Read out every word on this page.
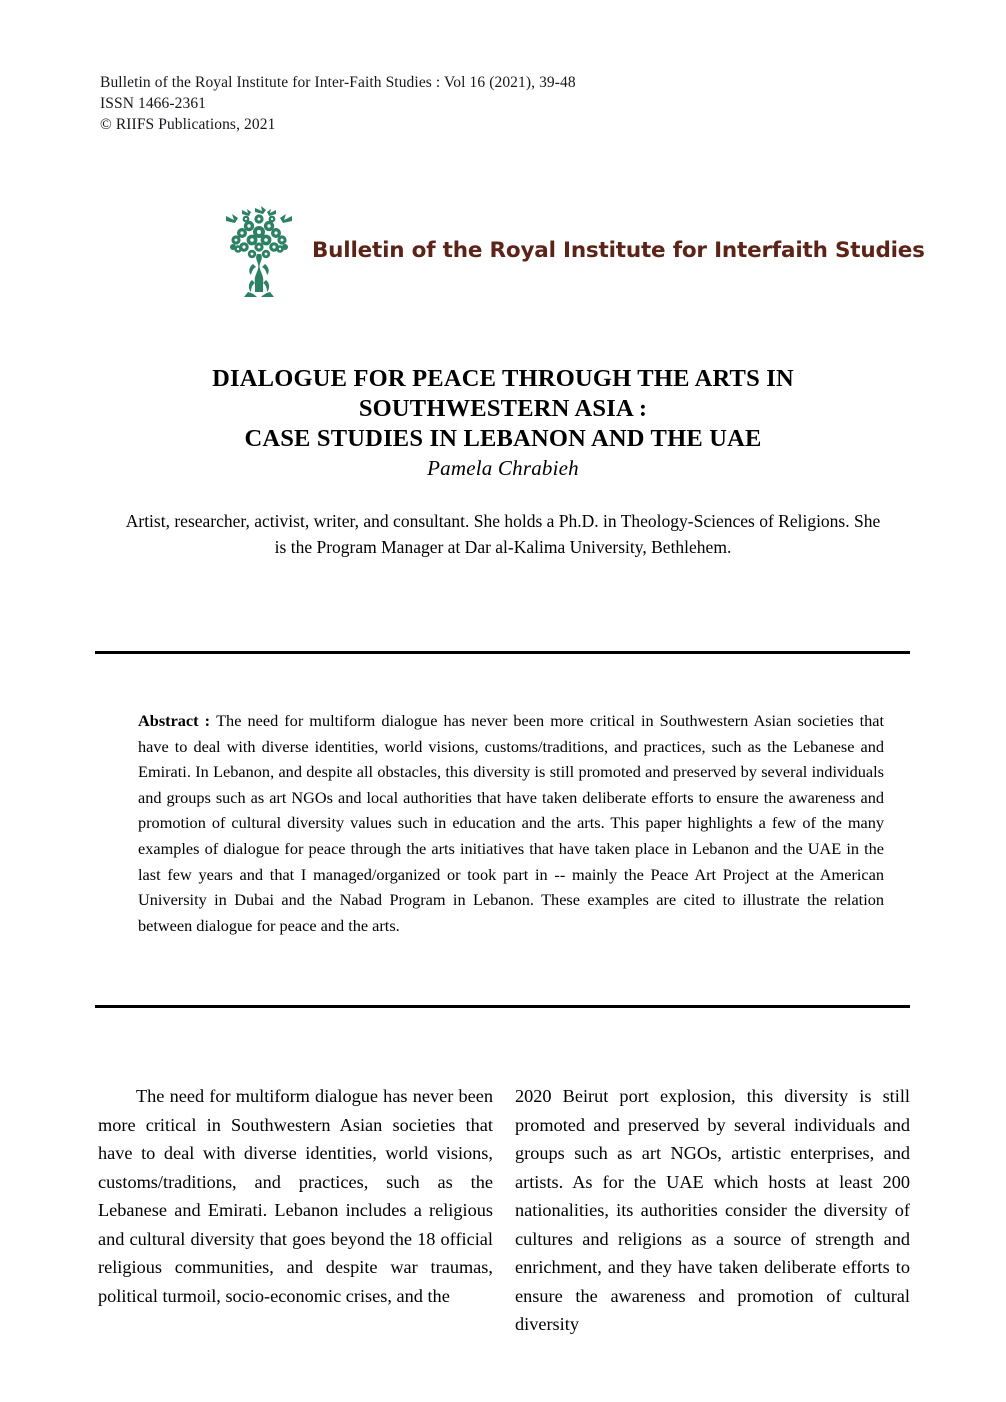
Bulletin of the Royal Institute for Inter-Faith Studies : Vol 16 (2021), 39-48
ISSN 1466-2361
© RIIFS Publications, 2021
Bulletin of the Royal Institute for Interfaith Studies
DIALOGUE FOR PEACE THROUGH THE ARTS IN
SOUTHWESTERN ASIA :
CASE STUDIES IN LEBANON AND THE UAE
Pamela Chrabieh
Artist, researcher, activist, writer, and consultant. She holds a Ph.D. in Theology-Sciences of Religions. She is the Program Manager at Dar al-Kalima University, Bethlehem.
Abstract : The need for multiform dialogue has never been more critical in Southwestern Asian societies that have to deal with diverse identities, world visions, customs/traditions, and practices, such as the Lebanese and Emirati. In Lebanon, and despite all obstacles, this diversity is still promoted and preserved by several individuals and groups such as art NGOs and local authorities that have taken deliberate efforts to ensure the awareness and promotion of cultural diversity values such in education and the arts. This paper highlights a few of the many examples of dialogue for peace through the arts initiatives that have taken place in Lebanon and the UAE in the last few years and that I managed/organized or took part in -- mainly the Peace Art Project at the American University in Dubai and the Nabad Program in Lebanon. These examples are cited to illustrate the relation between dialogue for peace and the arts.

The need for multiform dialogue has never been more critical in Southwestern Asian societies that have to deal with diverse identities, world visions, customs/traditions, and practices, such as the Lebanese and Emirati. Lebanon includes a religious and cultural diversity that goes beyond the 18 official religious communities, and despite war traumas, political turmoil, socio-economic crises, and the

2020 Beirut port explosion, this diversity is still promoted and preserved by several individuals and groups such as art NGOs, artistic enterprises, and artists. As for the UAE which hosts at least 200 nationalities, its authorities consider the diversity of cultures and religions as a source of strength and enrichment, and they have taken deliberate efforts to ensure the awareness and promotion of cultural diversity
